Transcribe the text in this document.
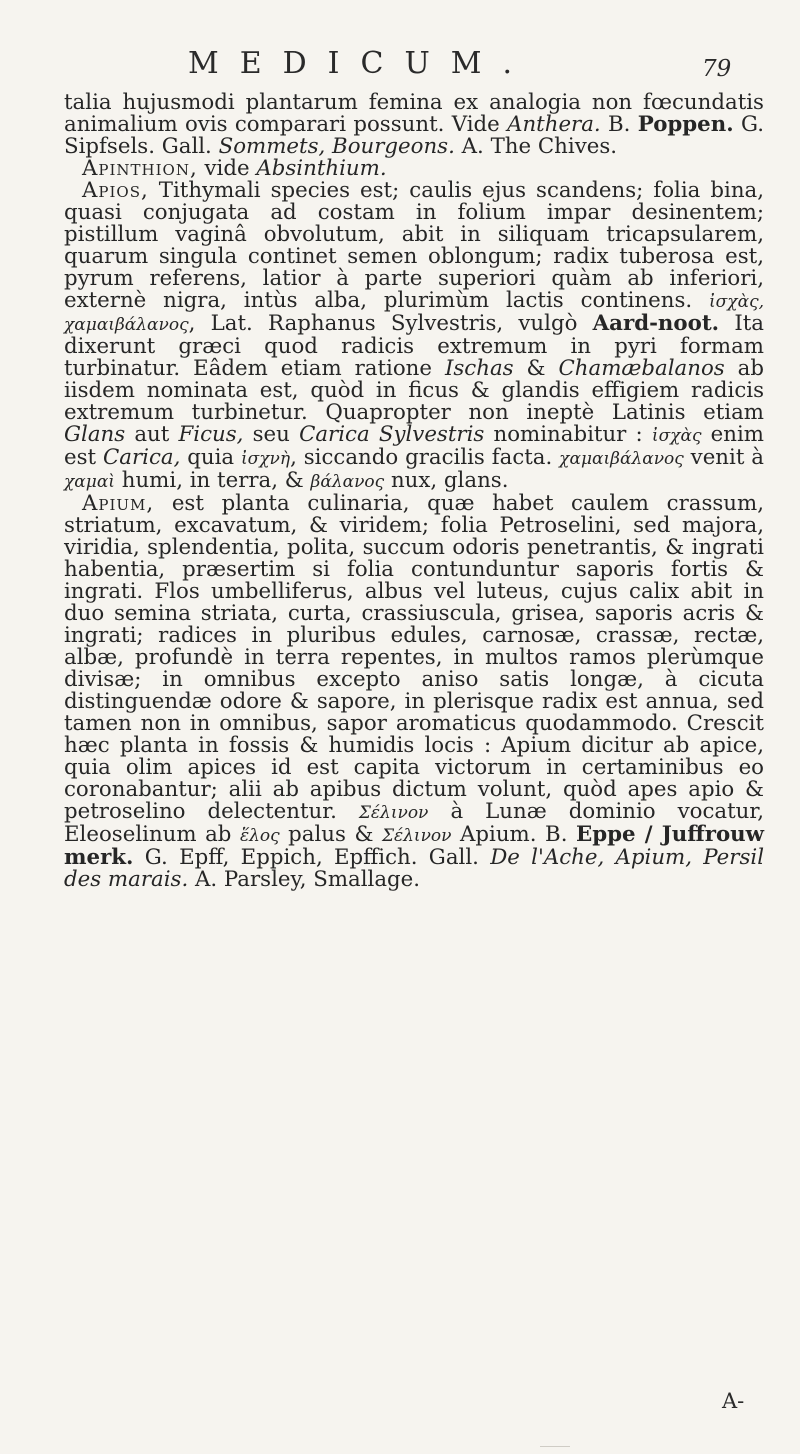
MEDICUM.	79

talia hujusmodi plantarum femina ex analogia non fœcundatis animalium ovis comparari possunt. Vide Anthera. B. Poppen. G. Sipfsels. Gall. Sommets, Bourgeons. A. The Chives.

Apinthion, vide Absinthium.

Apios, Tithymali species est; caulis ejus scandens; folia bina, quasi conjugata ad costam in folium impar desinentem; pistillum vaginâ obvolutum, abit in siliquam tricapsularem, quarum singula continet semen oblongum; radix tuberosa est, pyrum referens, latior à parte superiori quàm ab inferiori, externè nigra, intùs alba, plurimùm lactis continens. ἰσχὰς, χαμαιβάλανος, Lat. Raphanus Sylvestris, vulgò Aard-noot. Ita dixerunt græci quod radicis extremum in pyri formam turbinatur. Eâdem etiam ratione Ischas & Chamæbalanos ab iisdem nominata est, quòd in ficus & glandis effigiem radicis extremum turbinetur. Quapropter non ineptè Latinis etiam Glans aut Ficus, seu Carica Sylvestris nominabitur : ἰσχὰς enim est Carica, quia ἰσχνὴ, siccando gracilis facta. χαμαιβάλανος venit à χαμαὶ humi, in terra, & βάλανος nux, glans.

Apium, est planta culinaria, quæ habet caulem crassum, striatum, excavatum, & viridem; folia Petroselini, sed majora, viridia, splendentia, polita, succum odoris penetrantis, & ingrati habentia, præsertim si folia contunduntur saporis fortis & ingrati. Flos umbelliferus, albus vel luteus, cujus calix abit in duo semina striata, curta, crassiuscula, grisea, saporis acris & ingrati; radices in pluribus edules, carnosæ, crassæ, rectæ, albæ, profundè in terra repentes, in multos ramos plerùmque divisæ; in omnibus excepto aniso satis longæ, à cicuta distinguendæ odore & sapore, in plerisque radix est annua, sed tamen non in omnibus, sapor aromaticus quodammodo. Crescit hæc planta in fossis & humidis locis : Apium dicitur ab apice, quia olim apices id est capita victorum in certaminibus eo coronabantur; alii ab apibus dictum volunt, quòd apes apio & petroselino delectentur. Σέλινον à Lunæ dominio vocatur, Eleoselinum ab ἕλος palus & Σέλινον Apium. B. Eppe / Juffrouw merk. G. Epff, Eppich, Epffich. Gall. De l'Ache, Apium, Persil des marais. A. Parsley, Smallage.

A-
